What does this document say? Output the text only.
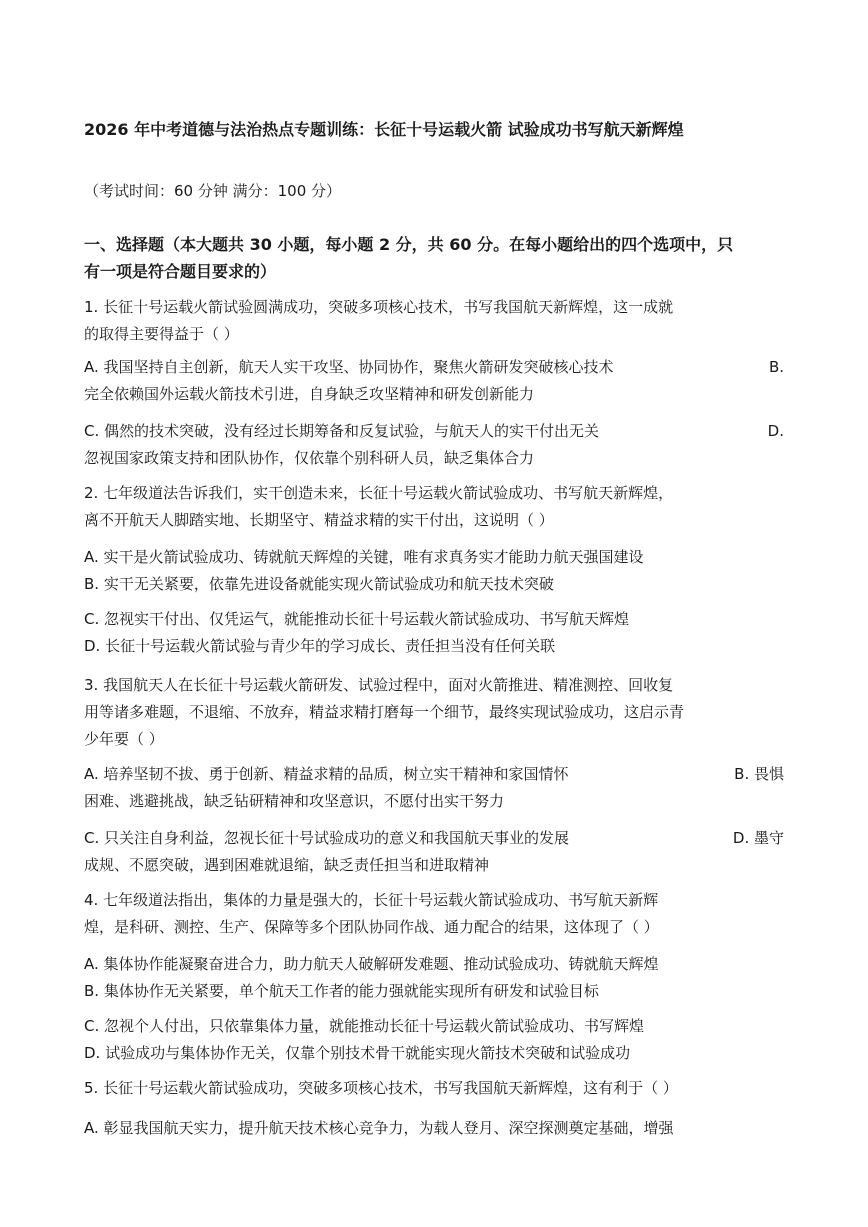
2026 年中考道德与法治热点专题训练：长征十号运载火箭 试验成功书写航天新辉煌
（考试时间：60 分钟 满分：100 分）
一、选择题（本大题共 30 小题，每小题 2 分，共 60 分。在每小题给出的四个选项中，只
有一项是符合题目要求的）
1. 长征十号运载火箭试验圆满成功，突破多项核心技术，书写我国航天新辉煌，这一成就
的取得主要得益于（ ）
A. 我国坚持自主创新，航天人实干攻坚、协同协作，聚焦火箭研发突破核心技术	B.
完全依赖国外运载火箭技术引进，自身缺乏攻坚精神和研发创新能力
C. 偶然的技术突破，没有经过长期筹备和反复试验，与航天人的实干付出无关	D.
忽视国家政策支持和团队协作，仅依靠个别科研人员，缺乏集体合力
2. 七年级道法告诉我们，实干创造未来，长征十号运载火箭试验成功、书写航天新辉煌，
离不开航天人脚踏实地、长期坚守、精益求精的实干付出，这说明（ ）
A. 实干是火箭试验成功、铸就航天辉煌的关键，唯有求真务实才能助力航天强国建设
B. 实干无关紧要，依靠先进设备就能实现火箭试验成功和航天技术突破
C. 忽视实干付出、仅凭运气，就能推动长征十号运载火箭试验成功、书写航天辉煌
D. 长征十号运载火箭试验与青少年的学习成长、责任担当没有任何关联
3. 我国航天人在长征十号运载火箭研发、试验过程中，面对火箭推进、精准测控、回收复
用等诸多难题，不退缩、不放弃，精益求精打磨每一个细节，最终实现试验成功，这启示青
少年要（ ）
A. 培养坚韧不拔、勇于创新、精益求精的品质，树立实干精神和家国情怀	B. 畏惧
困难、逃避挑战，缺乏钻研精神和攻坚意识，不愿付出实干努力
C. 只关注自身利益，忽视长征十号试验成功的意义和我国航天事业的发展	D. 墨守
成规、不愿突破，遇到困难就退缩，缺乏责任担当和进取精神
4. 七年级道法指出，集体的力量是强大的，长征十号运载火箭试验成功、书写航天新辉
煌，是科研、测控、生产、保障等多个团队协同作战、通力配合的结果，这体现了（ ）
A. 集体协作能凝聚奋进合力，助力航天人破解研发难题、推动试验成功、铸就航天辉煌
B. 集体协作无关紧要，单个航天工作者的能力强就能实现所有研发和试验目标
C. 忽视个人付出，只依靠集体力量，就能推动长征十号运载火箭试验成功、书写辉煌
D. 试验成功与集体协作无关，仅靠个别技术骨干就能实现火箭技术突破和试验成功
5. 长征十号运载火箭试验成功，突破多项核心技术，书写我国航天新辉煌，这有利于（ ）
A. 彰显我国航天实力，提升航天技术核心竞争力，为载人登月、深空探测奠定基础，增强
